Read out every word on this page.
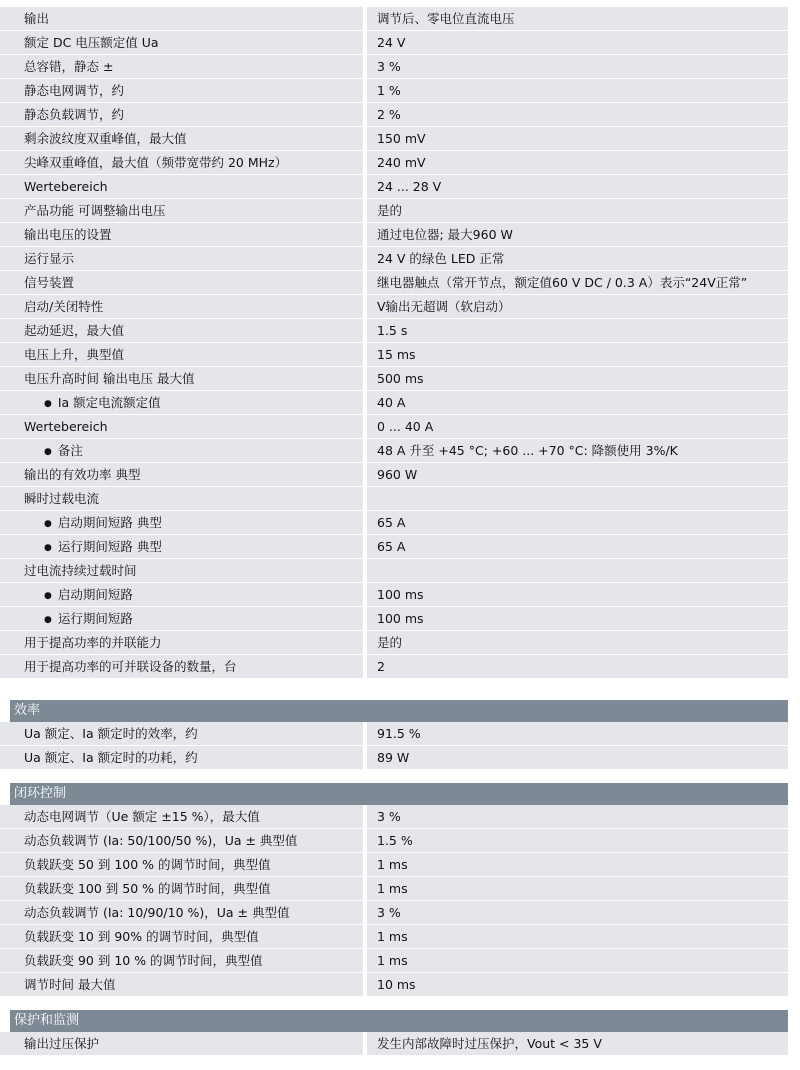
输出	调节后、零电位直流电压
额定 DC 电压额定值 Ua	24 V
总容错，静态 ±	3 %
静态电网调节，约	1 %
静态负载调节，约	2 %
剩余波纹度双重峰值，最大值	150 mV
尖峰双重峰值，最大值（频带宽带约 20 MHz）	240 mV
Wertebereich	24 ... 28 V
产品功能 可调整输出电压	是的
输出电压的设置	通过电位器; 最大960 W
运行显示	24 V 的绿色 LED 正常
信号装置	继电器触点（常开节点，额定值60 V DC / 0.3 A）表示“24V正常”
启动/关闭特性	V输出无超调（软启动）
起动延迟，最大值	1.5 s
电压上升，典型值	15 ms
电压升高时间 输出电压 最大值	500 ms
● Ia 额定电流额定值	40 A
Wertebereich	0 ... 40 A
● 备注	48 A 升至 +45 °C; +60 ... +70 °C: 降额使用 3%/K
输出的有效功率 典型	960 W
瞬时过载电流
● 启动期间短路 典型	65 A
● 运行期间短路 典型	65 A
过电流持续过载时间
● 启动期间短路	100 ms
● 运行期间短路	100 ms
用于提高功率的并联能力	是的
用于提高功率的可并联设备的数量，台	2
效率
Ua 额定、Ia 额定时的效率，约	91.5 %
Ua 额定、Ia 额定时的功耗，约	89 W
闭环控制
动态电网调节（Ue 额定 ±15 %），最大值	3 %
动态负载调节 (Ia: 50/100/50 %)，Ua ± 典型值	1.5 %
负载跃变 50 到 100 % 的调节时间，典型值	1 ms
负载跃变 100 到 50 % 的调节时间，典型值	1 ms
动态负载调节 (Ia: 10/90/10 %)，Ua ± 典型值	3 %
负载跃变 10 到 90% 的调节时间，典型值	1 ms
负载跃变 90 到 10 % 的调节时间，典型值	1 ms
调节时间 最大值	10 ms
保护和监测
输出过压保护	发生内部故障时过压保护，Vout < 35 V
